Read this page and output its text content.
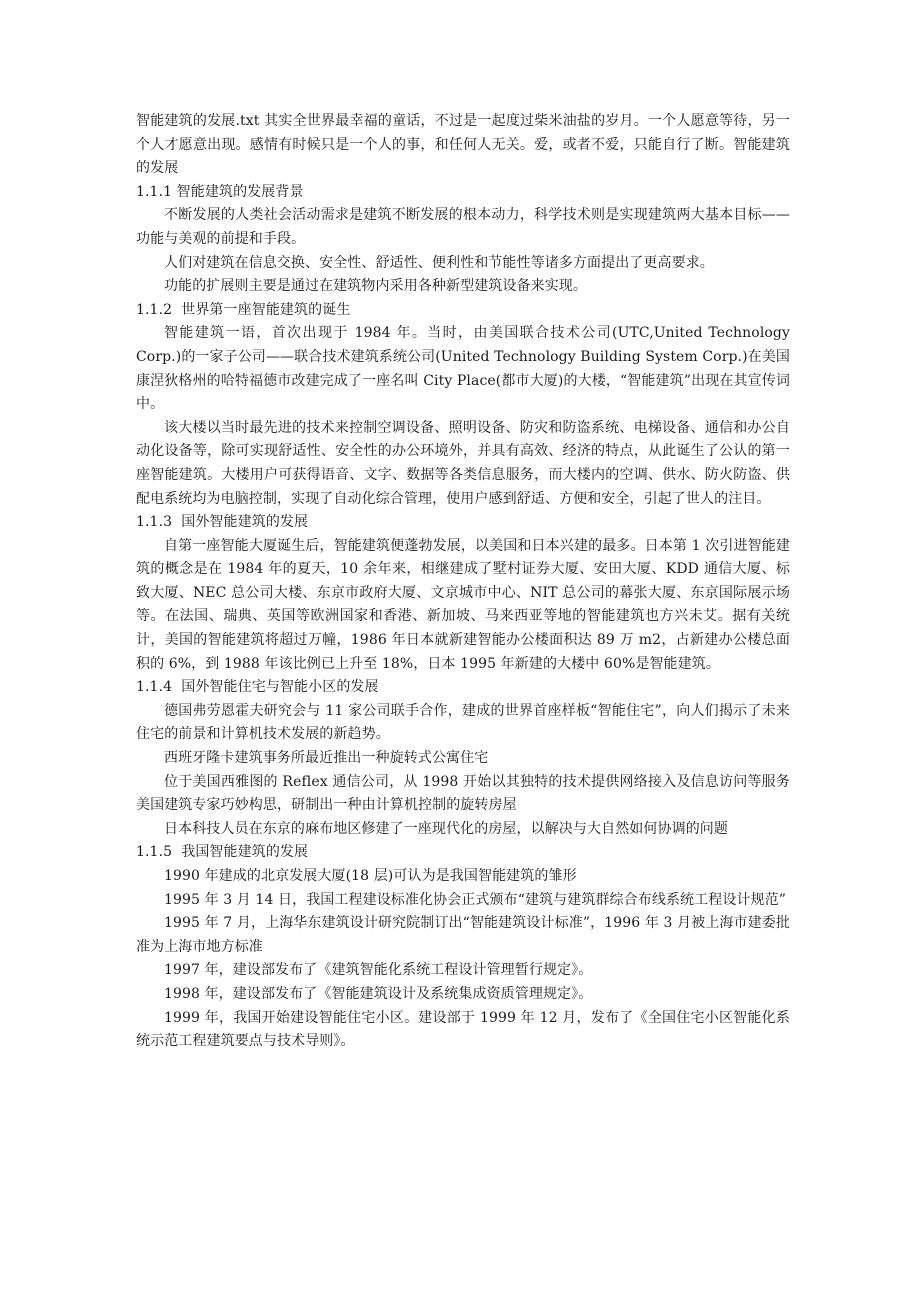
智能建筑的发展.txt 其实全世界最幸福的童话，不过是一起度过柴米油盐的岁月。一个人愿意等待，另一个人才愿意出现。感情有时候只是一个人的事，和任何人无关。爱，或者不爱，只能自行了断。智能建筑的发展

1.1.1 智能建筑的发展背景

不断发展的人类社会活动需求是建筑不断发展的根本动力，科学技术则是实现建筑两大基本目标——功能与美观的前提和手段。

人们对建筑在信息交换、安全性、舒适性、便利性和节能性等诸多方面提出了更高要求。

功能的扩展则主要是通过在建筑物内采用各种新型建筑设备来实现。

1.1.2  世界第一座智能建筑的诞生

智能建筑一语，首次出现于 1984 年。当时，由美国联合技术公司(UTC,United Technology Corp.)的一家子公司——联合技术建筑系统公司(United Technology Building System Corp.)在美国康涅狄格州的哈特福德市改建完成了一座名叫 City Place(都市大厦)的大楼，“智能建筑”出现在其宣传词中。

该大楼以当时最先进的技术来控制空调设备、照明设备、防灾和防盗系统、电梯设备、通信和办公自动化设备等，除可实现舒适性、安全性的办公环境外，并具有高效、经济的特点，从此诞生了公认的第一座智能建筑。大楼用户可获得语音、文字、数据等各类信息服务，而大楼内的空调、供水、防火防盗、供配电系统均为电脑控制，实现了自动化综合管理，使用户感到舒适、方便和安全，引起了世人的注目。

1.1.3  国外智能建筑的发展

自第一座智能大厦诞生后，智能建筑便蓬勃发展，以美国和日本兴建的最多。日本第 1 次引进智能建筑的概念是在 1984 年的夏天，10 余年来，相继建成了墅村证券大厦、安田大厦、KDD 通信大厦、标致大厦、NEC 总公司大楼、东京市政府大厦、文京城市中心、NIT 总公司的幕张大厦、东京国际展示场等。在法国、瑞典、英国等欧洲国家和香港、新加坡、马来西亚等地的智能建筑也方兴未艾。据有关统计，美国的智能建筑将超过万幢，1986 年日本就新建智能办公楼面积达 89 万 m2，占新建办公楼总面积的 6%，到 1988 年该比例已上升至 18%，日本 1995 年新建的大楼中 60%是智能建筑。

1.1.4  国外智能住宅与智能小区的发展

德国弗劳恩霍夫研究会与 11 家公司联手合作，建成的世界首座样板“智能住宅”，向人们揭示了未来住宅的前景和计算机技术发展的新趋势。

西班牙隆卡建筑事务所最近推出一种旋转式公寓住宅

位于美国西雅图的 Reflex 通信公司，从 1998 开始以其独特的技术提供网络接入及信息访问等服务 美国建筑专家巧妙构思，研制出一种由计算机控制的旋转房屋

日本科技人员在东京的麻布地区修建了一座现代化的房屋，以解决与大自然如何协调的问题

1.1.5  我国智能建筑的发展

1990 年建成的北京发展大厦(18 层)可认为是我国智能建筑的雏形

1995 年 3 月 14 日，我国工程建设标准化协会正式颁布“建筑与建筑群综合布线系统工程设计规范”

1995 年 7 月，上海华东建筑设计研究院制订出“智能建筑设计标准”，1996 年 3 月被上海市建委批准为上海市地方标准

1997 年，建设部发布了《建筑智能化系统工程设计管理暂行规定》。

1998 年，建设部发布了《智能建筑设计及系统集成资质管理规定》。

1999 年，我国开始建设智能住宅小区。建设部于 1999 年 12 月，发布了《全国住宅小区智能化系统示范工程建筑要点与技术导则》。
